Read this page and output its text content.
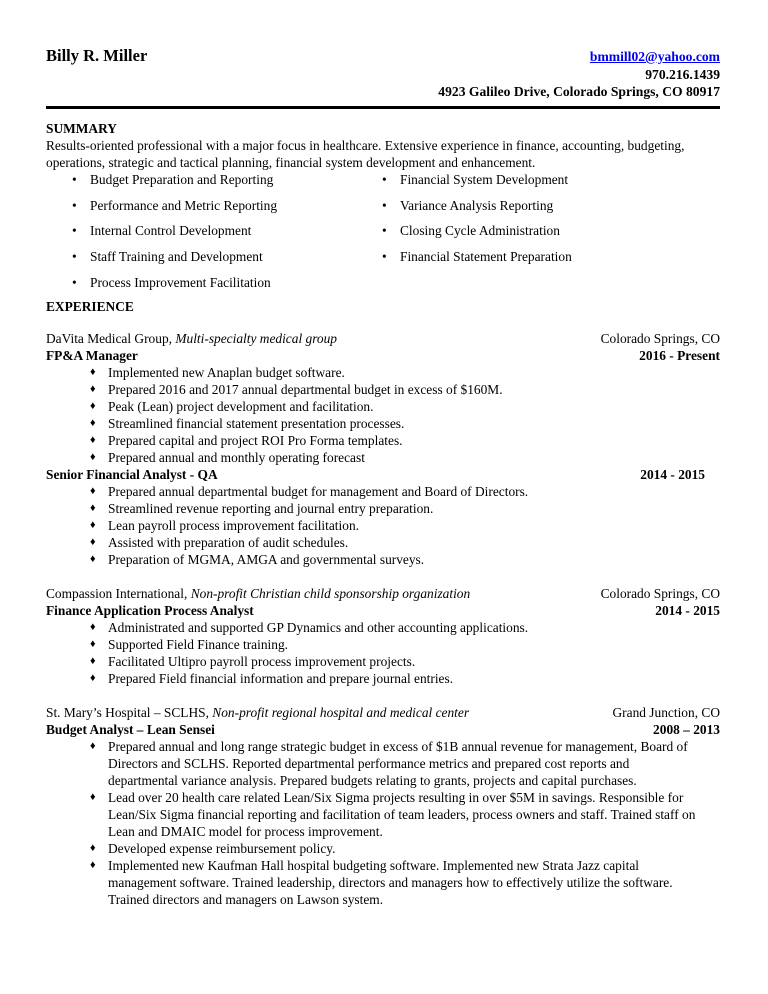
Billy R. Miller	bmmill02@yahoo.com
970.216.1439
4923 Galileo Drive, Colorado Springs, CO 80917
SUMMARY
Results-oriented professional with a major focus in healthcare. Extensive experience in finance, accounting, budgeting,
operations, strategic and tactical planning, financial system development and enhancement.
• Budget Preparation and Reporting	• Financial System Development
• Performance and Metric Reporting	• Variance Analysis Reporting
• Internal Control Development	• Closing Cycle Administration
• Staff Training and Development	• Financial Statement Preparation
• Process Improvement Facilitation
EXPERIENCE
DaVita Medical Group, Multi-specialty medical group	Colorado Springs, CO
FP&A Manager	2016 - Present
♦ Implemented new Anaplan budget software.
♦ Prepared 2016 and 2017 annual departmental budget in excess of $160M.
♦ Peak (Lean) project development and facilitation.
♦ Streamlined financial statement presentation processes.
♦ Prepared capital and project ROI Pro Forma templates.
♦ Prepared annual and monthly operating forecast
Senior Financial Analyst - QA	2014 - 2015
♦ Prepared annual departmental budget for management and Board of Directors.
♦ Streamlined revenue reporting and journal entry preparation.
♦ Lean payroll process improvement facilitation.
♦ Assisted with preparation of audit schedules.
♦ Preparation of MGMA, AMGA and governmental surveys.
Compassion International, Non-profit Christian child sponsorship organization	Colorado Springs, CO
Finance Application Process Analyst	2014 - 2015
♦ Administrated and supported GP Dynamics and other accounting applications.
♦ Supported Field Finance training.
♦ Facilitated Ultipro payroll process improvement projects.
♦ Prepared Field financial information and prepare journal entries.
St. Mary’s Hospital – SCLHS, Non-profit regional hospital and medical center	Grand Junction, CO
Budget Analyst – Lean Sensei	2008 – 2013
♦ Prepared annual and long range strategic budget in excess of $1B annual revenue for management, Board of
Directors and SCLHS. Reported departmental performance metrics and prepared cost reports and
departmental variance analysis. Prepared budgets relating to grants, projects and capital purchases.
♦ Lead over 20 health care related Lean/Six Sigma projects resulting in over $5M in savings. Responsible for
Lean/Six Sigma financial reporting and facilitation of team leaders, process owners and staff. Trained staff on
Lean and DMAIC model for process improvement.
♦ Developed expense reimbursement policy.
♦ Implemented new Kaufman Hall hospital budgeting software. Implemented new Strata Jazz capital
management software. Trained leadership, directors and managers how to effectively utilize the software.
Trained directors and managers on Lawson system.
